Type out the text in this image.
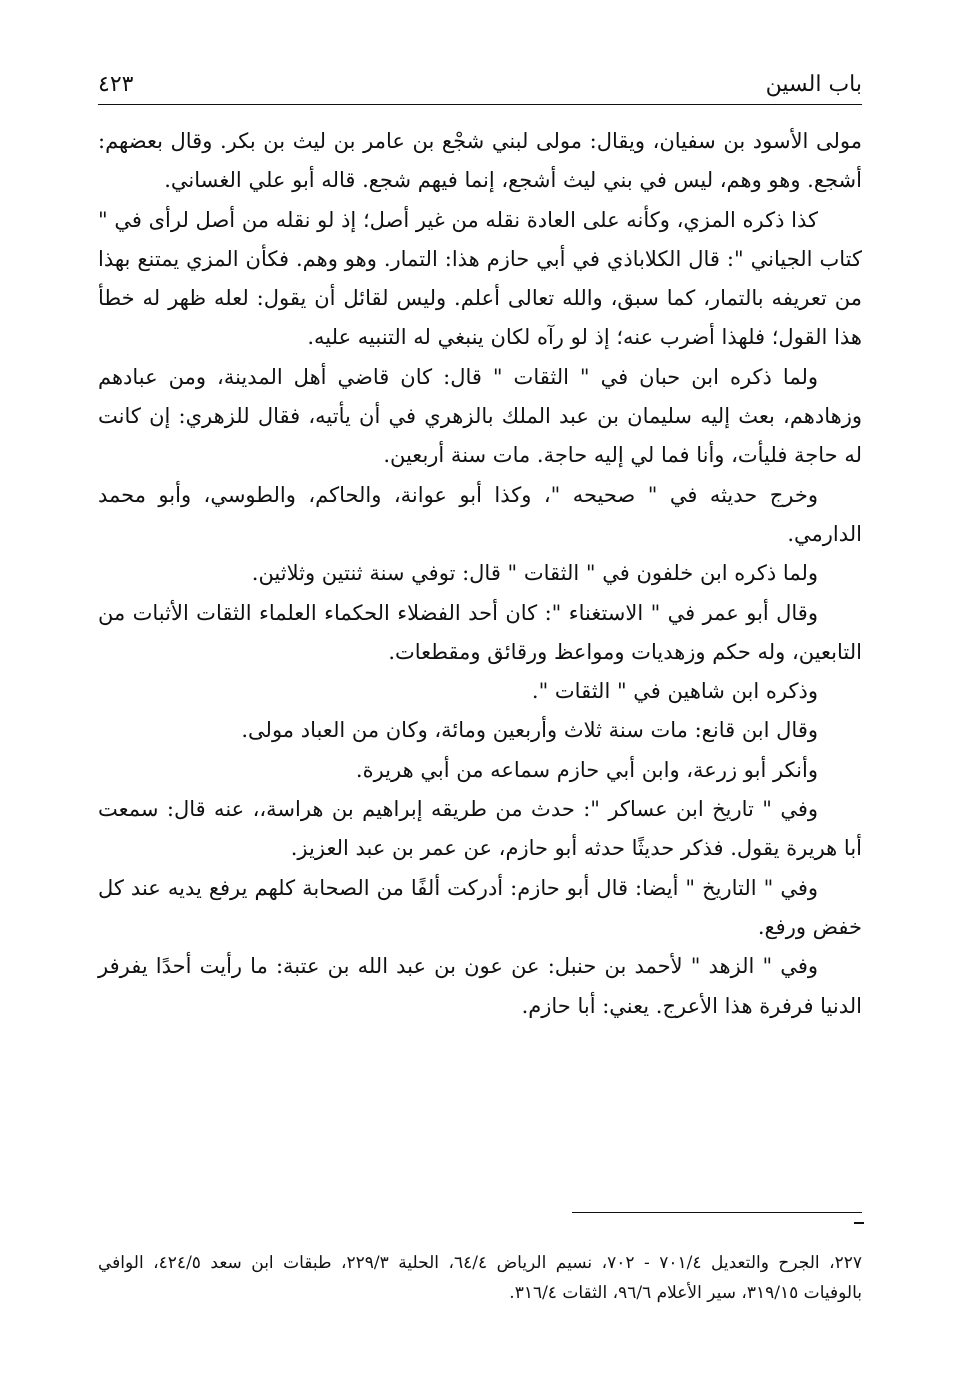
باب السين
٤٢٣

مولى الأسود بن سفيان، ويقال: مولى لبني شجْع بن عامر بن ليث بن بكر. وقال بعضهم: أشجع. وهو وهم، ليس في بني ليث أشجع، إنما فيهم شجع. قاله أبو علي الغساني.

كذا ذكره المزي، وكأنه على العادة نقله من غير أصل؛ إذ لو نقله من أصل لرأى في " كتاب الجياني ": قال الكلاباذي في أبي حازم هذا: التمار. وهو وهم. فكأن المزي يمتنع بهذا من تعريفه بالتمار، كما سبق، والله تعالى أعلم. وليس لقائل أن يقول: لعله ظهر له خطأ هذا القول؛ فلهذا أضرب عنه؛ إذ لو رآه لكان ينبغي له التنبيه عليه.

ولما ذكره ابن حبان في " الثقات " قال: كان قاضي أهل المدينة، ومن عبادهم وزهادهم، بعث إليه سليمان بن عبد الملك بالزهري في أن يأتيه، فقال للزهري: إن كانت له حاجة فليأت، وأنا فما لي إليه حاجة. مات سنة أربعين.

وخرج حديثه في " صحيحه "، وكذا أبو عوانة، والحاكم، والطوسي، وأبو محمد الدارمي.

ولما ذكره ابن خلفون في " الثقات " قال: توفي سنة ثنتين وثلاثين.

وقال أبو عمر في " الاستغناء ": كان أحد الفضلاء الحكماء العلماء الثقات الأثبات من التابعين، وله حكم وزهديات ومواعظ ورقائق ومقطعات.

وذكره ابن شاهين في " الثقات ".

وقال ابن قانع: مات سنة ثلاث وأربعين ومائة، وكان من العباد مولى.

وأنكر أبو زرعة، وابن أبي حازم سماعه من أبي هريرة.

وفي " تاريخ ابن عساكر ": حدث من طريقه إبراهيم بن هراسة،، عنه قال: سمعت أبا هريرة يقول. فذكر حديثًا حدثه أبو حازم، عن عمر بن عبد العزيز.

وفي " التاريخ " أيضا: قال أبو حازم: أدركت ألفًا من الصحابة كلهم يرفع يديه عند كل خفض ورفع.

وفي " الزهد " لأحمد بن حنبل: عن عون بن عبد الله بن عتبة: ما رأيت أحدًا يفرفر الدنيا فرفرة هذا الأعرج. يعني: أبا حازم.

٢٢٧، الجرح والتعديل ٧٠١/٤ - ٧٠٢، نسيم الرياض ٦٤/٤، الحلية ٢٢٩/٣، طبقات ابن سعد ٤٢٤/٥، الوافي بالوفيات ٣١٩/١٥، سير الأعلام ٩٦/٦، الثقات ٣١٦/٤.
